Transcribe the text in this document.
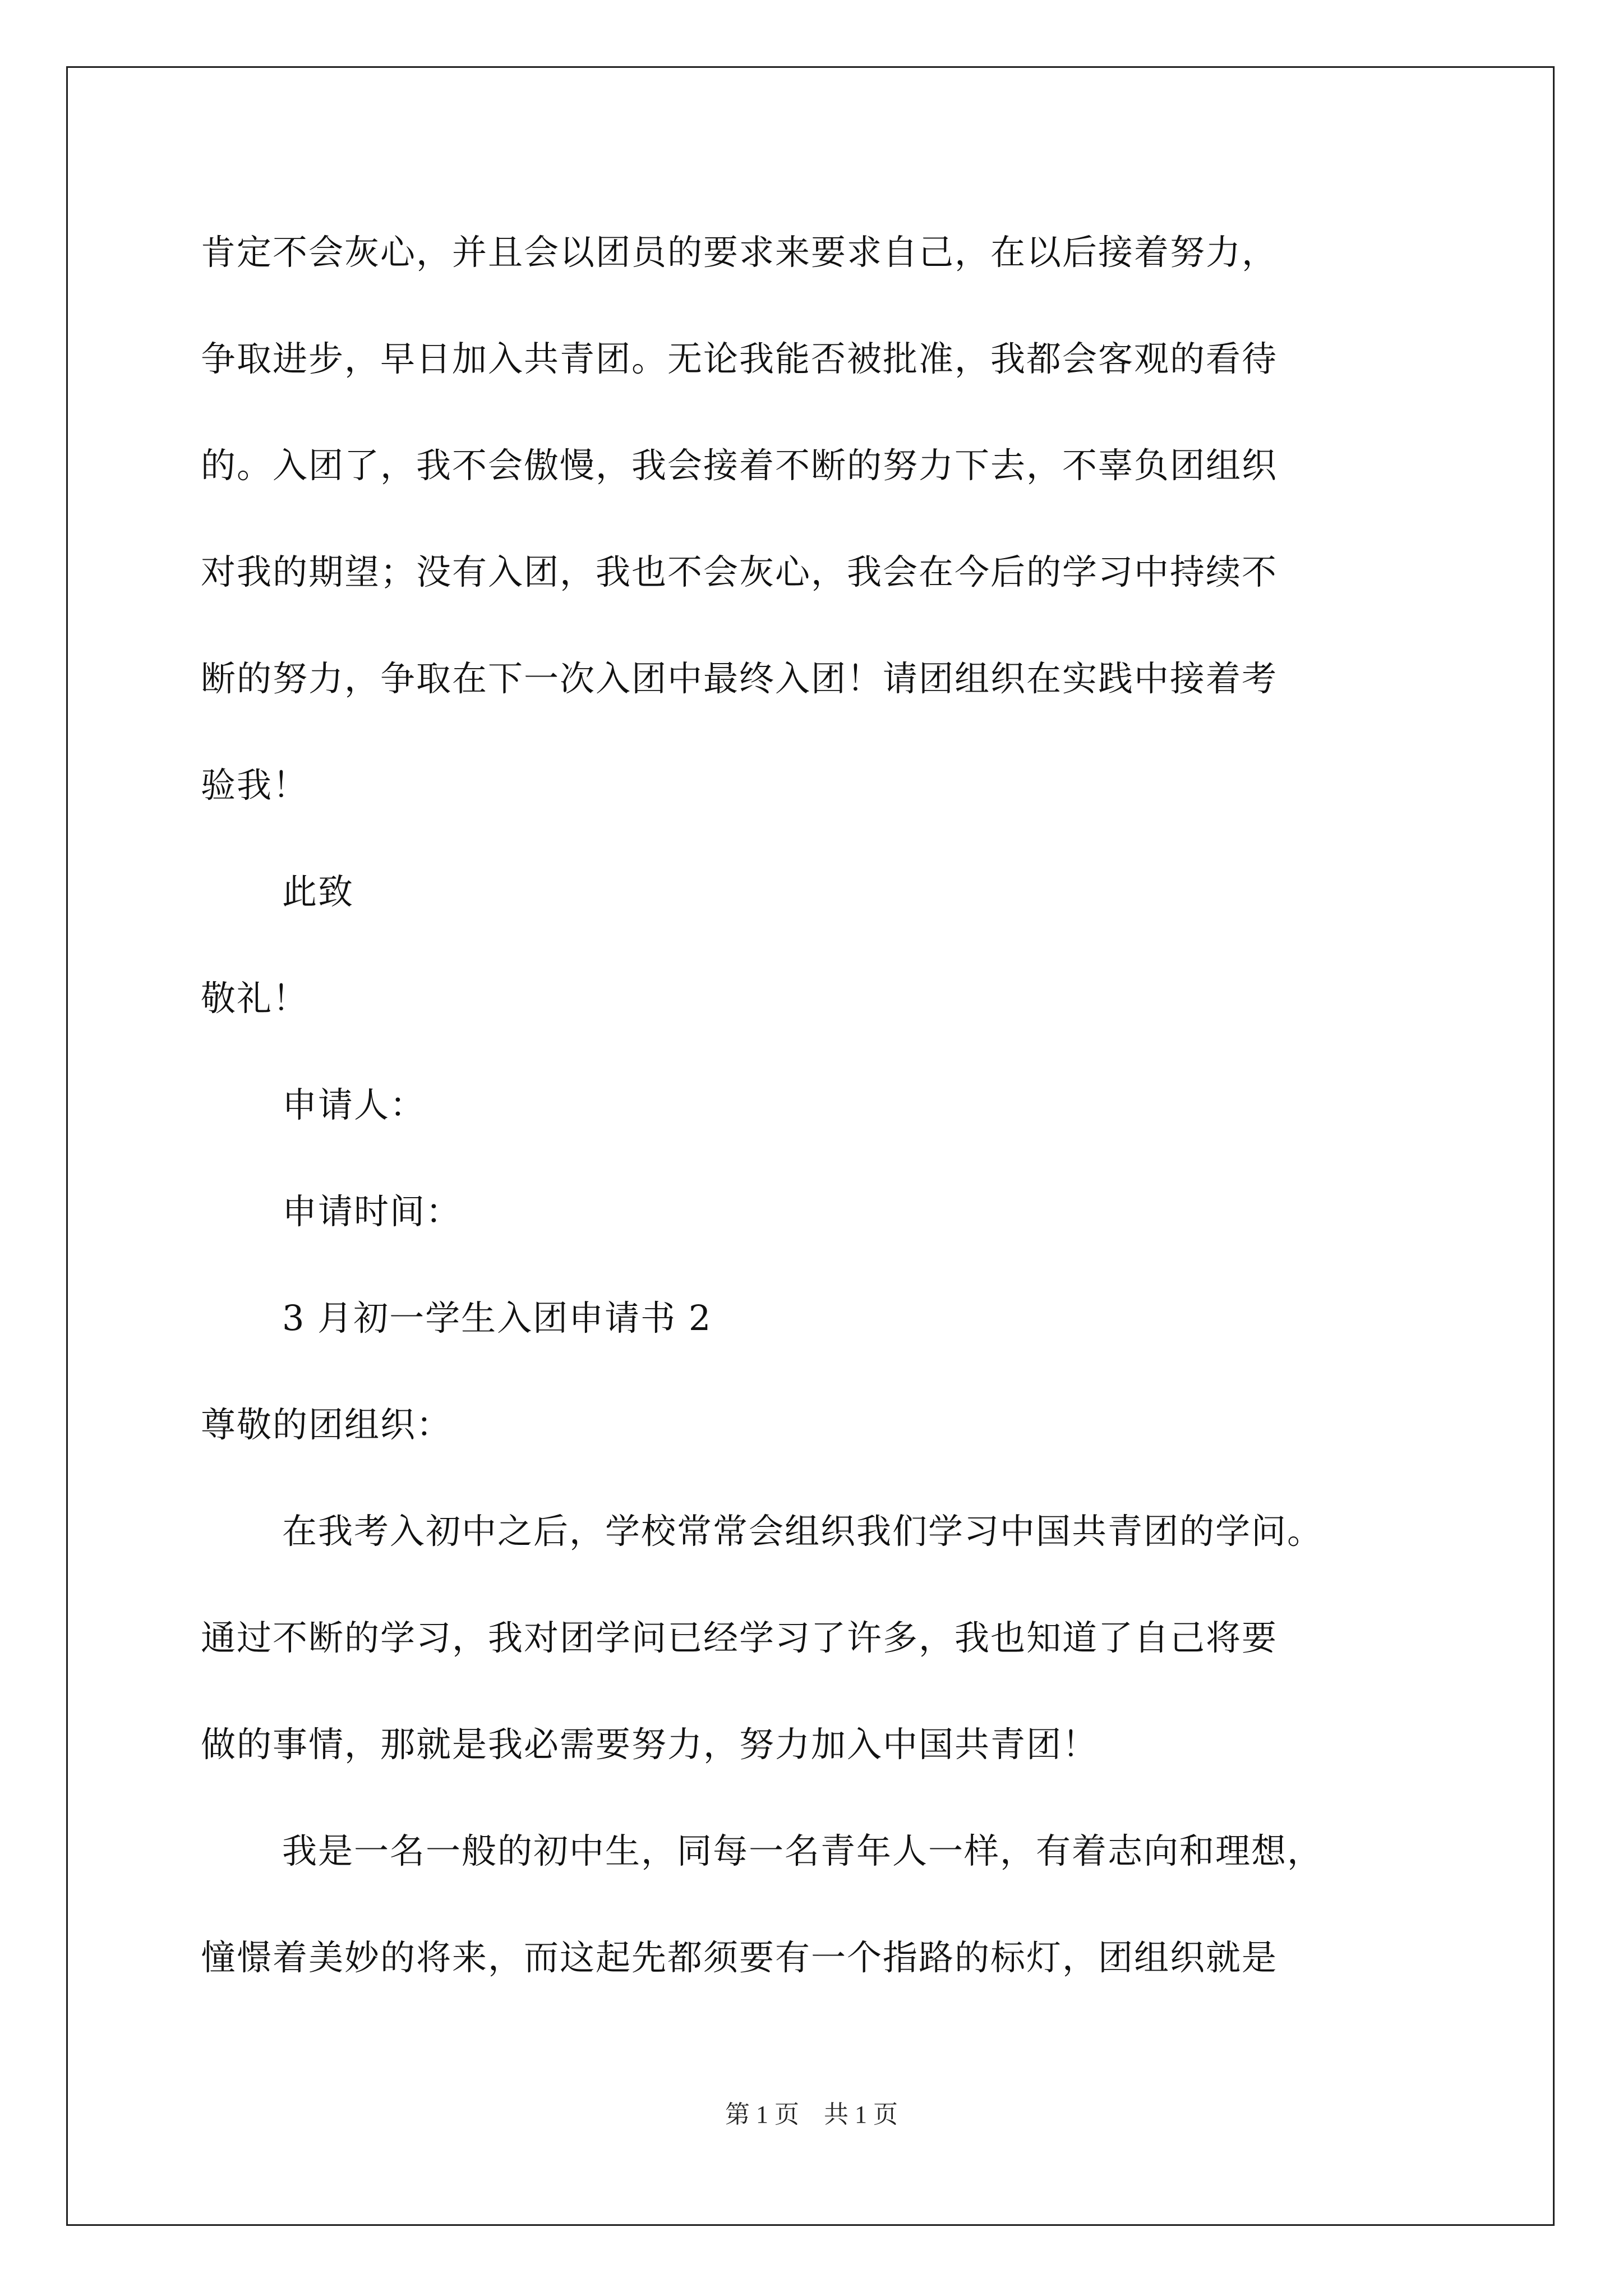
肯定不会灰心，并且会以团员的要求来要求自己，在以后接着努力，
争取进步，早日加入共青团。无论我能否被批准，我都会客观的看待
的。入团了，我不会傲慢，我会接着不断的努力下去，不辜负团组织
对我的期望；没有入团，我也不会灰心，我会在今后的学习中持续不
断的努力，争取在下一次入团中最终入团！请团组织在实践中接着考
验我！
此致
敬礼！
申请人：
申请时间：
3 月初一学生入团申请书 2
尊敬的团组织：
在我考入初中之后，学校常常会组织我们学习中国共青团的学问。
通过不断的学习，我对团学问已经学习了许多，我也知道了自己将要
做的事情，那就是我必需要努力，努力加入中国共青团！
我是一名一般的初中生，同每一名青年人一样，有着志向和理想，
憧憬着美妙的将来，而这起先都须要有一个指路的标灯，团组织就是
第 1 页　共 1 页
